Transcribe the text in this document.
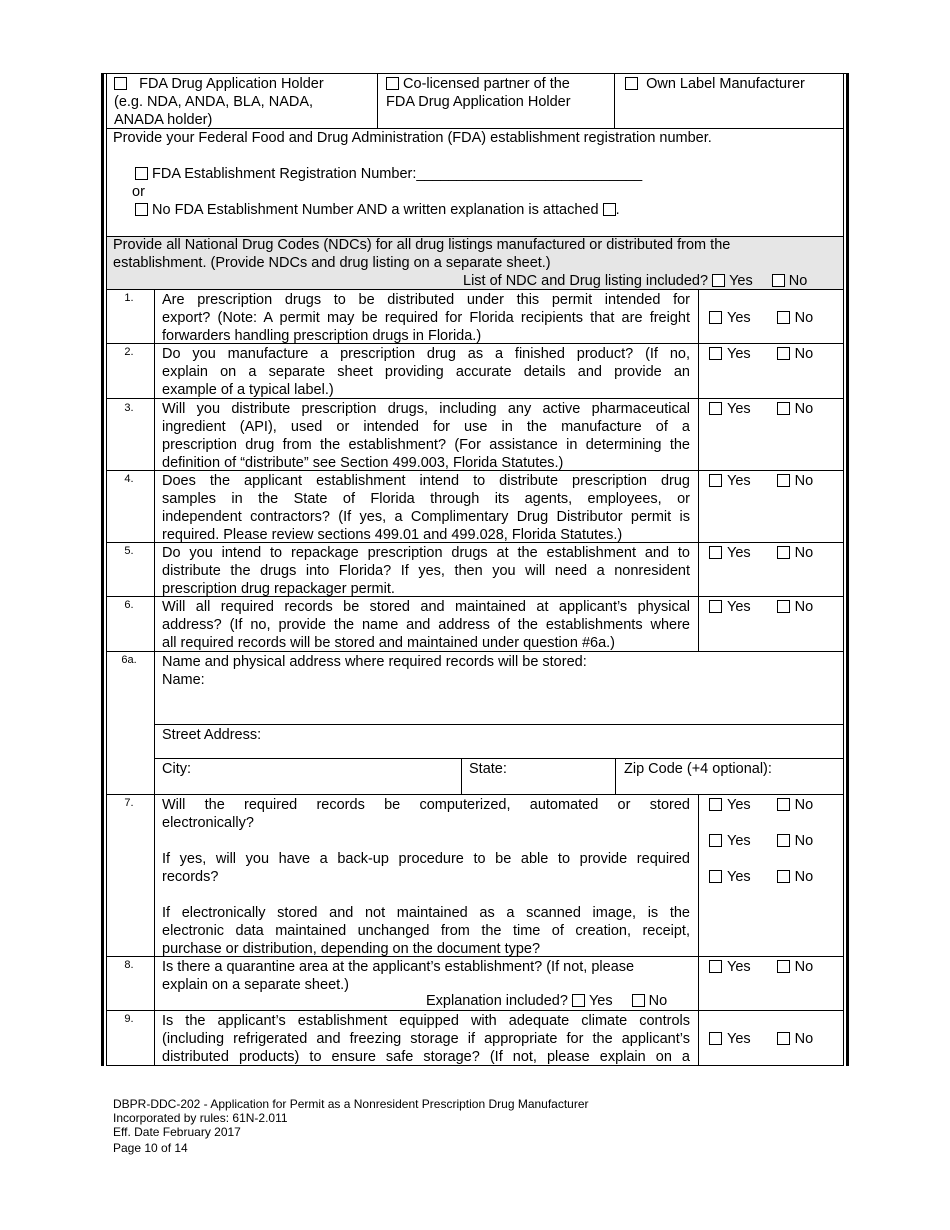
FDA Drug Application Holder
(e.g. NDA, ANDA, BLA, NADA,
ANADA holder)
Co-licensed partner of the
FDA Drug Application Holder
Own Label Manufacturer
Provide your Federal Food and Drug Administration (FDA) establishment registration number.
FDA Establishment Registration Number:____________________________
or
No FDA Establishment Number AND a written explanation is attached .
Provide all National Drug Codes (NDCs) for all drug listings manufactured or distributed from the
establishment. (Provide NDCs and drug listing on a separate sheet.)
List of NDC and Drug listing included? Yes No
1.	Are prescription drugs to be distributed under this permit intended for
export? (Note: A permit may be required for Florida recipients that are freight
forwarders handling prescription drugs in Florida.)
Yes	No
2.	Do you manufacture a prescription drug as a finished product? (If no,
explain on a separate sheet providing accurate details and provide an
example of a typical label.)
Yes	No
3.	Will you distribute prescription drugs, including any active pharmaceutical
ingredient (API), used or intended for use in the manufacture of a
prescription drug from the establishment? (For assistance in determining the
definition of “distribute” see Section 499.003, Florida Statutes.)
Yes	No
4.	Does the applicant establishment intend to distribute prescription drug
samples in the State of Florida through its agents, employees, or
independent contractors? (If yes, a Complimentary Drug Distributor permit is
required. Please review sections 499.01 and 499.028, Florida Statutes.)
Yes	No
5.	Do you intend to repackage prescription drugs at the establishment and to
distribute the drugs into Florida? If yes, then you will need a nonresident
prescription drug repackager permit.
Yes	No
6.	Will all required records be stored and maintained at applicant’s physical
address? (If no, provide the name and address of the establishments where
all required records will be stored and maintained under question #6a.)
Yes	No
6a.	Name and physical address where required records will be stored:
Name:
Street Address:
City:	State:	Zip Code (+4 optional):
7.	Will the required records be computerized, automated or stored
electronically?
If yes, will you have a back-up procedure to be able to provide required
records?
If electronically stored and not maintained as a scanned image, is the
electronic data maintained unchanged from the time of creation, receipt,
purchase or distribution, depending on the document type?
Yes	No
Yes	No
Yes	No
8.	Is there a quarantine area at the applicant’s establishment? (If not, please
explain on a separate sheet.)
Explanation included? Yes No
Yes	No
9.	Is the applicant’s establishment equipped with adequate climate controls
(including refrigerated and freezing storage if appropriate for the applicant’s
distributed products) to ensure safe storage? (If not, please explain on a
Yes	No
DBPR-DDC-202 - Application for Permit as a Nonresident Prescription Drug Manufacturer
Incorporated by rules: 61N-2.011
Eff. Date February 2017
Page 10 of 14
